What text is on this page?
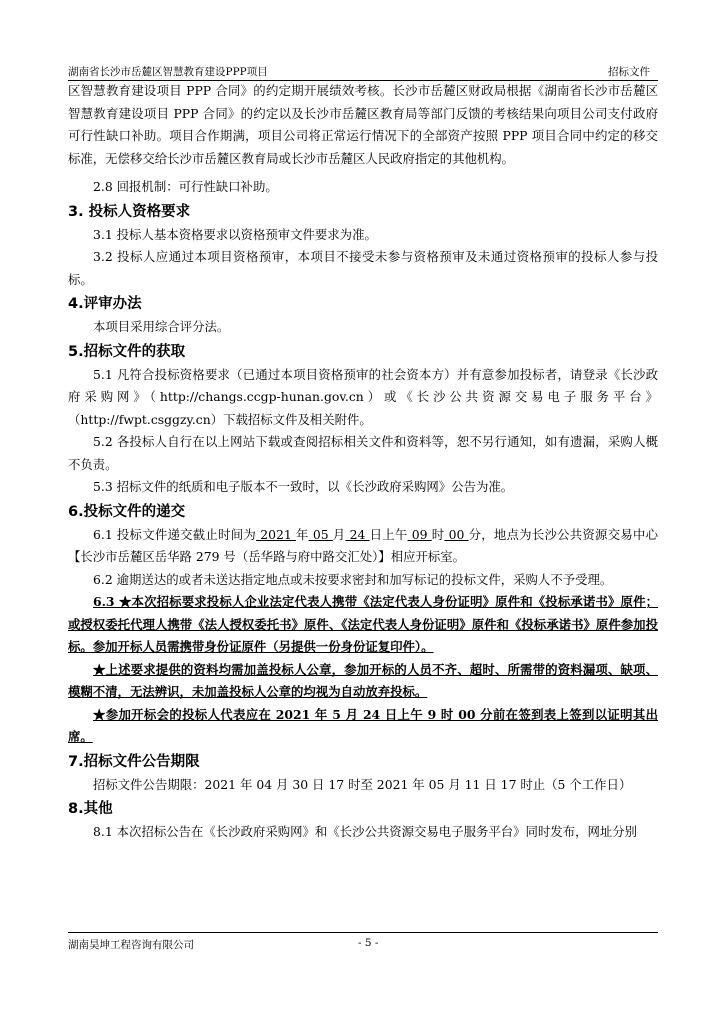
湖南省长沙市岳麓区智慧教育建设PPP项目	招标文件

区智慧教育建设项目 PPP 合同》的约定期开展绩效考核。长沙市岳麓区财政局根据《湖南省长沙市岳麓区智慧教育建设项目 PPP 合同》的约定以及长沙市岳麓区教育局等部门反馈的考核结果向项目公司支付政府可行性缺口补助。项目合作期满，项目公司将正常运行情况下的全部资产按照 PPP 项目合同中约定的移交标准，无偿移交给长沙市岳麓区教育局或长沙市岳麓区人民政府指定的其他机构。

2.8 回报机制：可行性缺口补助。

3. 投标人资格要求

3.1 投标人基本资格要求以资格预审文件要求为准。

3.2 投标人应通过本项目资格预审，本项目不接受未参与资格预审及未通过资格预审的投标人参与投标。

4.评审办法

本项目采用综合评分法。

5.招标文件的获取

5.1 凡符合投标资格要求（已通过本项目资格预审的社会资本方）并有意参加投标者，请登录《长沙政府采购网》（http://changs.ccgp-hunan.gov.cn）或《长沙公共资源交易电子服务平台》（http://fwpt.csggzy.cn）下载招标文件及相关附件。

5.2 各投标人自行在以上网站下载或查阅招标相关文件和资料等，恕不另行通知，如有遗漏，采购人概不负责。

5.3 招标文件的纸质和电子版本不一致时，以《长沙政府采购网》公告为准。

6.投标文件的递交

6.1 投标文件递交截止时间为 2021 年 05 月 24 日上午 09 时 00 分，地点为长沙公共资源交易中心【长沙市岳麓区岳华路 279 号（岳华路与府中路交汇处）】相应开标室。

6.2 逾期送达的或者未送达指定地点或未按要求密封和加写标记的投标文件，采购人不予受理。

6.3 ★本次招标要求投标人企业法定代表人携带《法定代表人身份证明》原件和《投标承诺书》原件；或授权委托代理人携带《法人授权委托书》原件、《法定代表人身份证明》原件和《投标承诺书》原件参加投标。参加开标人员需携带身份证原件（另提供一份身份证复印件）。

★上述要求提供的资料均需加盖投标人公章，参加开标的人员不齐、超时、所需带的资料漏项、缺项、模糊不清，无法辨识，未加盖投标人公章的均视为自动放弃投标。

★参加开标会的投标人代表应在 2021 年 5 月 24 日上午 9 时 00 分前在签到表上签到以证明其出席。

7.招标文件公告期限

招标文件公告期限：2021 年 04 月 30 日 17 时至 2021 年 05 月 11 日 17 时止（5 个工作日）

8.其他

8.1 本次招标公告在《长沙政府采购网》和《长沙公共资源交易电子服务平台》同时发布，网址分别

湖南昊坤工程咨询有限公司	- 5 -
